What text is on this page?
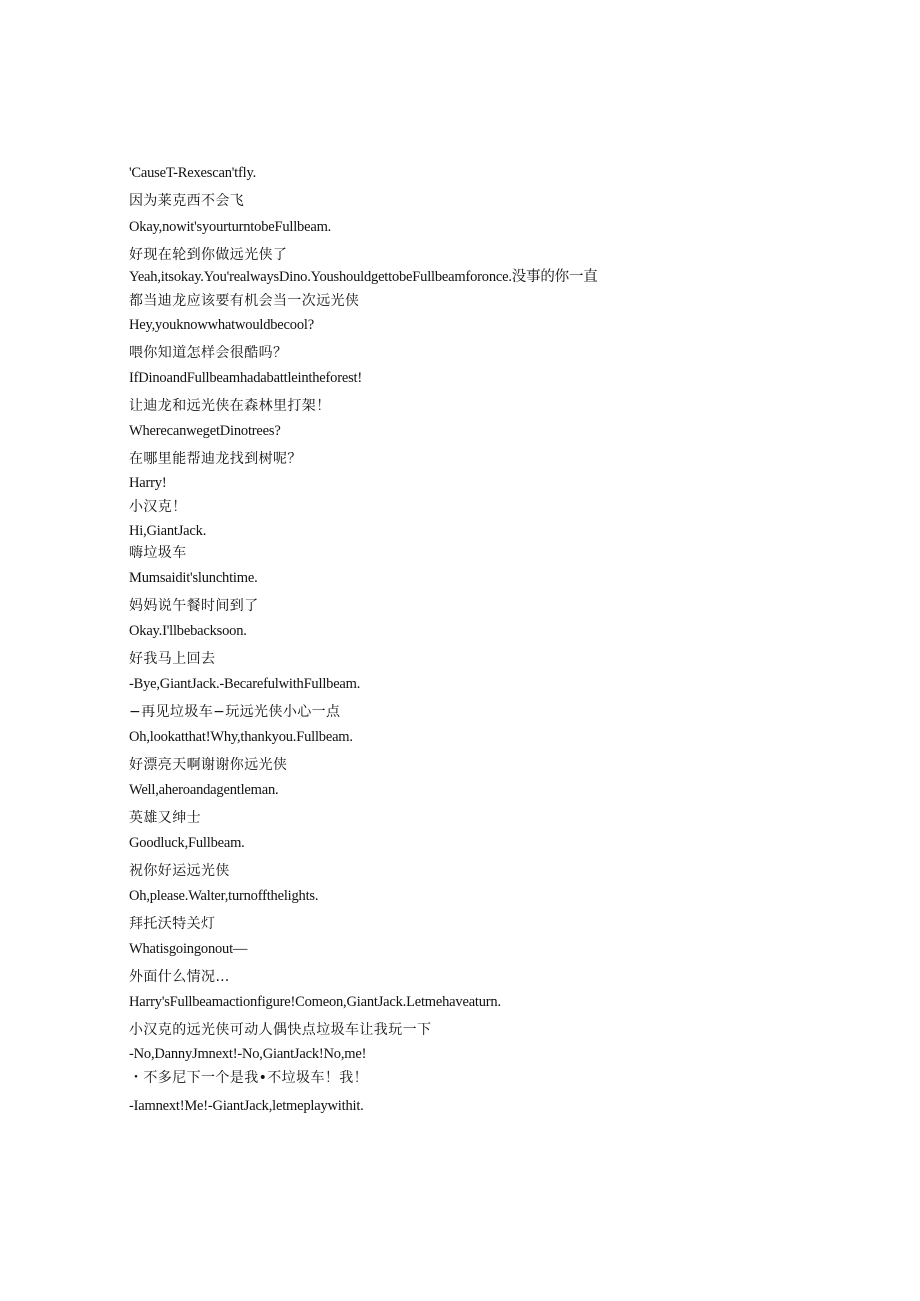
'CauseT-Rexescan'tfly.
因为莱克西不会飞
Okay,nowit'syourturntobeFullbeam.
好现在轮到你做远光侠了
Yeah,itsokay.You'realwaysDino.YoushouldgettobeFullbeamforonce.没事的你一直
都当迪龙应该要有机会当一次远光侠
Hey,youknowwhatwouldbecool?
喂你知道怎样会很酷吗？
IfDinoandFullbeamhadabattleintheforest!
让迪龙和远光侠在森林里打架！
WherecanwegetDinotrees?
在哪里能帮迪龙找到树呢？
Harry!
小汉克！
Hi,GiantJack.
嗨垃圾车
Mumsaidit'slunchtime.
妈妈说午餐时间到了
Okay.I'llbebacksoon.
好我马上回去
-Bye,GiantJack.-BecarefulwithFullbeam.
−再见垃圾车−玩远光侠小心一点
Oh,lookatthat!Why,thankyou.Fullbeam.
好漂亮天啊谢谢你远光侠
Well,aheroandagentleman.
英雄又绅士
Goodluck,Fullbeam.
祝你好运远光侠
Oh,please.Walter,turnoffthelights.
拜托沃特关灯
Whatisgoingonout—
外面什么情况…
Harry'sFullbeamactionfigure!Comeon,GiantJack.Letmehaveaturn.
小汉克的远光侠可动人偶快点垃圾车让我玩一下
-No,DannyJmnext!-No,GiantJack!No,me!
・不多尼下一个是我•不垃圾车！我！
-Iamnext!Me!-GiantJack,letmeplaywithit.
